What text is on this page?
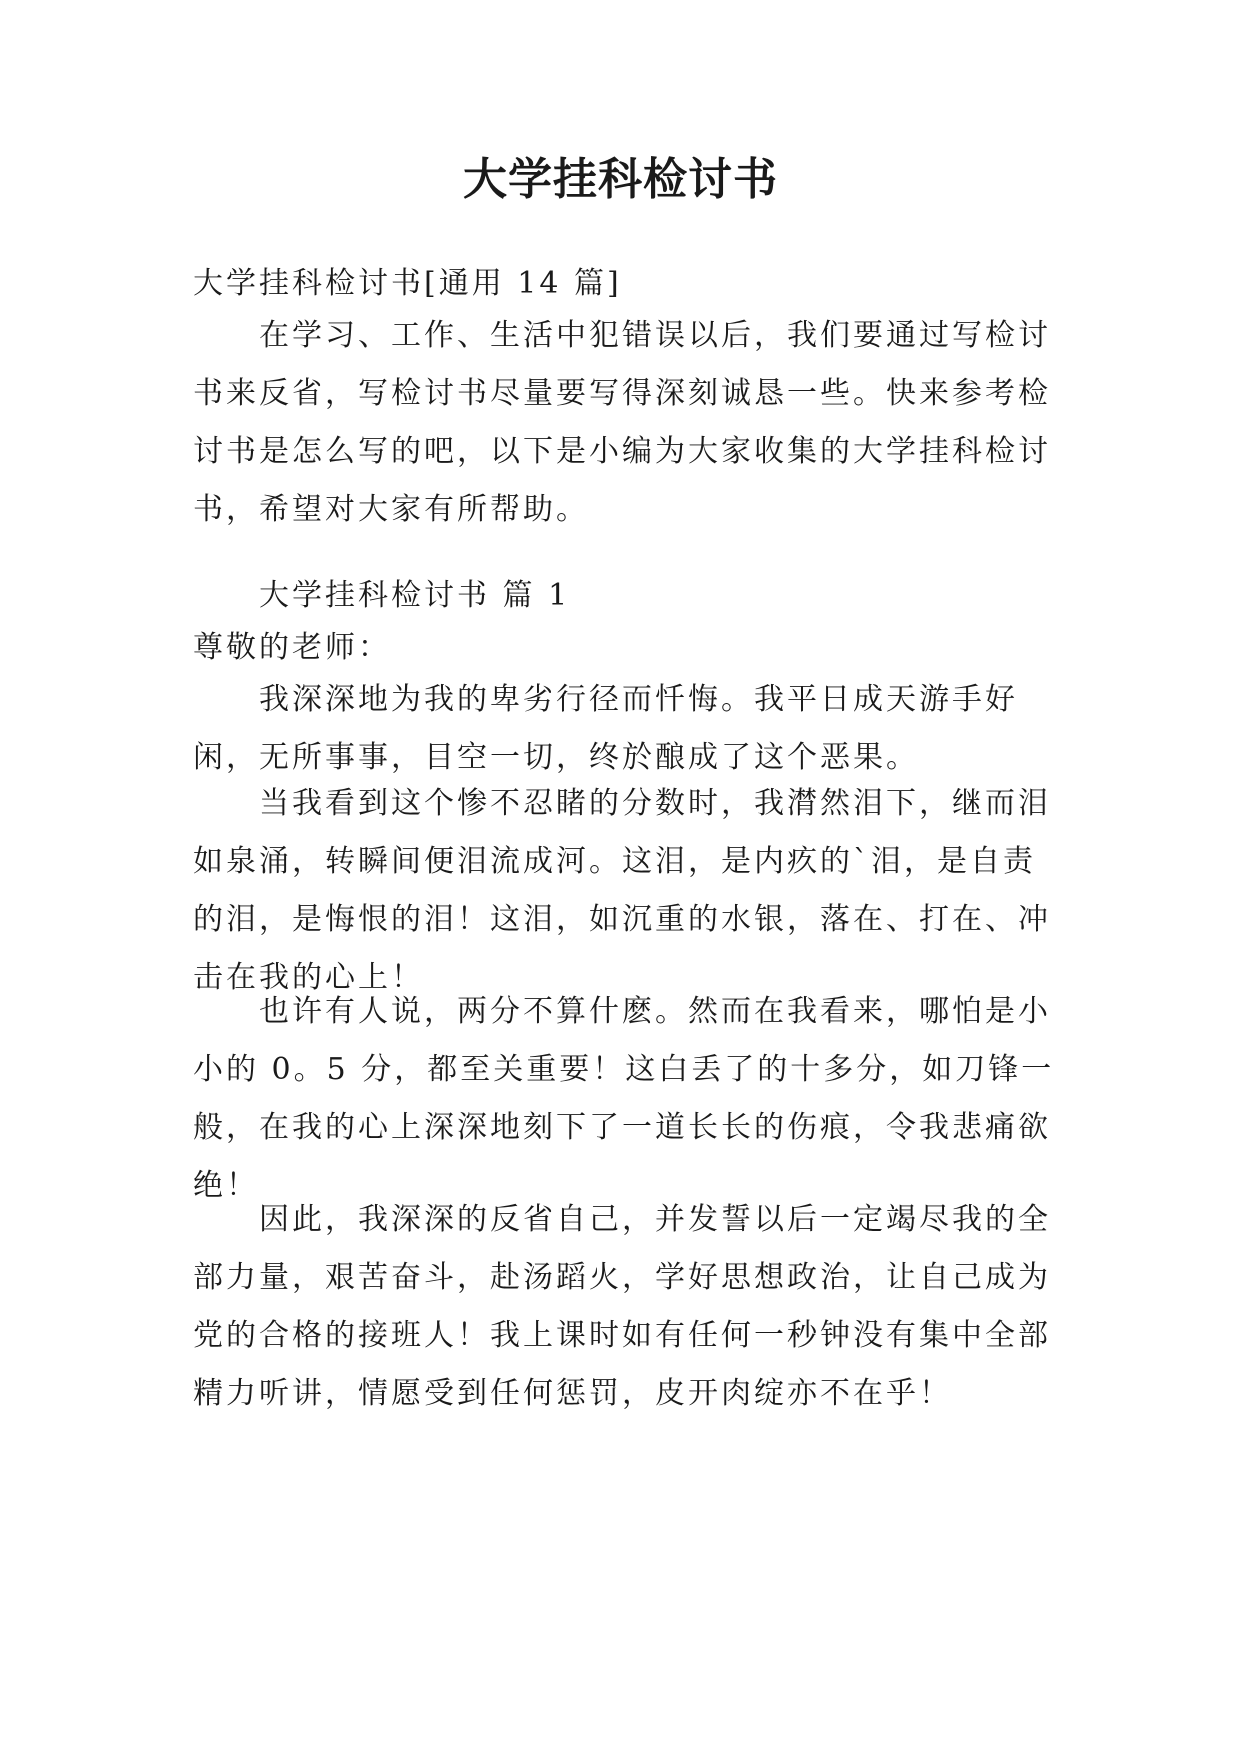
大学挂科检讨书

大学挂科检讨书[通用 14 篇]

在学习、工作、生活中犯错误以后，我们要通过写检讨书来反省，写检讨书尽量要写得深刻诚恳一些。快来参考检讨书是怎么写的吧，以下是小编为大家收集的大学挂科检讨书，希望对大家有所帮助。

大学挂科检讨书 篇 1

尊敬的老师：

我深深地为我的卑劣行径而忏悔。我平日成天游手好闲，无所事事，目空一切，终於酿成了这个恶果。

当我看到这个惨不忍睹的分数时，我潸然泪下，继而泪如泉涌，转瞬间便泪流成河。这泪，是内疚的`泪，是自责的泪，是悔恨的泪！这泪，如沉重的水银，落在、打在、冲击在我的心上！

也许有人说，两分不算什麽。然而在我看来，哪怕是小小的 0。5 分，都至关重要！这白丢了的十多分，如刀锋一般，在我的心上深深地刻下了一道长长的伤痕，令我悲痛欲绝！

因此，我深深的反省自己，并发誓以后一定竭尽我的全部力量，艰苦奋斗，赴汤蹈火，学好思想政治，让自己成为党的合格的接班人！我上课时如有任何一秒钟没有集中全部精力听讲，情愿受到任何惩罚，皮开肉绽亦不在乎！
